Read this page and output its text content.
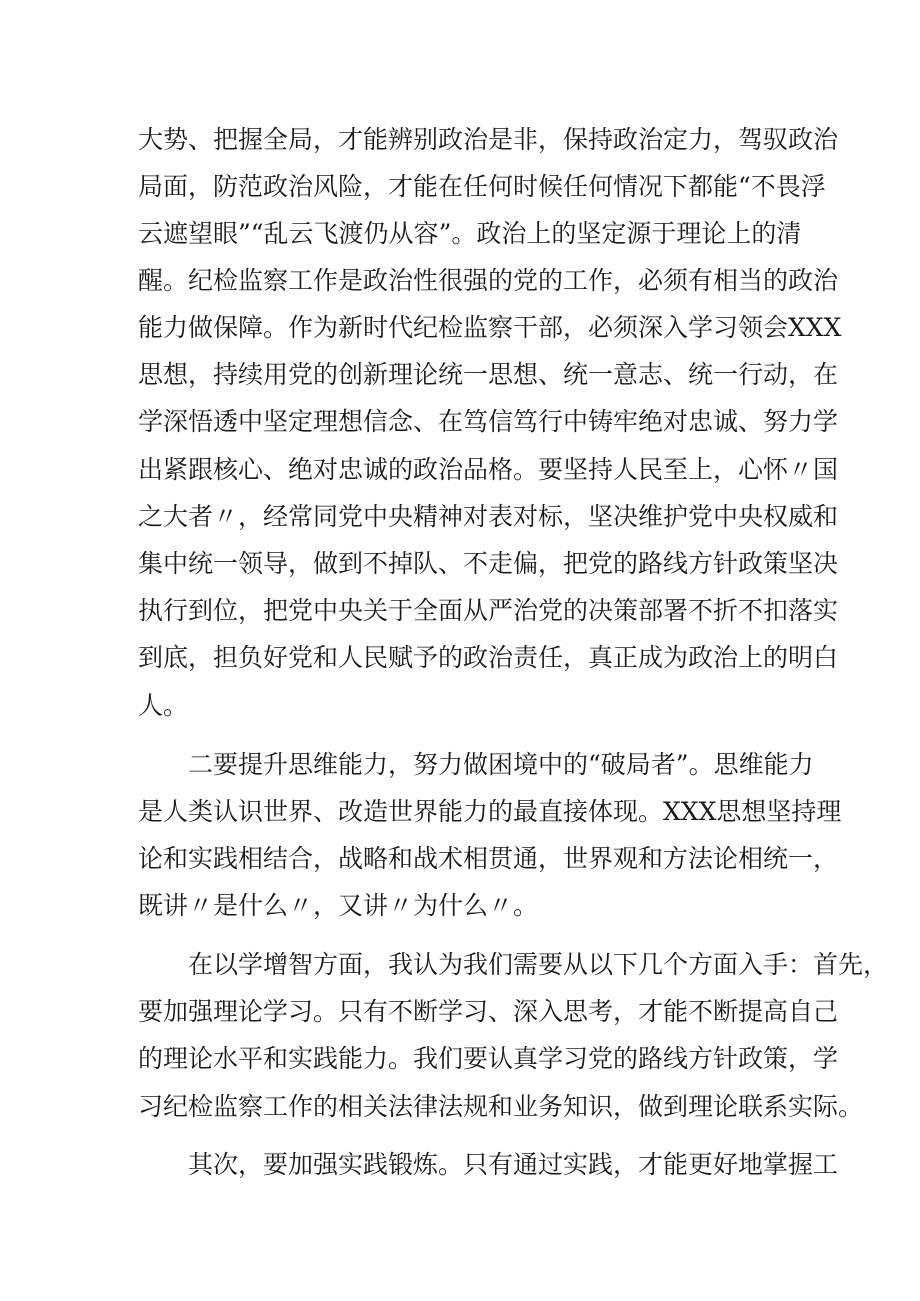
大势、把握全局，才能辨别政治是非，保持政治定力，驾驭政治
局面，防范政治风险，才能在任何时候任何情况下都能“不畏浮
云遮望眼”“乱云飞渡仍从容”。政治上的坚定源于理论上的清
醒。纪检监察工作是政治性很强的党的工作，必须有相当的政治
能力做保障。作为新时代纪检监察干部，必须深入学习领会XXX
思想，持续用党的创新理论统一思想、统一意志、统一行动，在
学深悟透中坚定理想信念、在笃信笃行中铸牢绝对忠诚、努力学
出紧跟核心、绝对忠诚的政治品格。要坚持人民至上，心怀〃国
之大者〃，经常同党中央精神对表对标，坚决维护党中央权威和
集中统一领导，做到不掉队、不走偏，把党的路线方针政策坚决
执行到位，把党中央关于全面从严治党的决策部署不折不扣落实
到底，担负好党和人民赋予的政治责任，真正成为政治上的明白
人。
二要提升思维能力，努力做困境中的“破局者”。思维能力
是人类认识世界、改造世界能力的最直接体现。XXX思想坚持理
论和实践相结合，战略和战术相贯通，世界观和方法论相统一，
既讲〃是什么〃，又讲〃为什么〃。
在以学增智方面，我认为我们需要从以下几个方面入手：首先，
要加强理论学习。只有不断学习、深入思考，才能不断提高自己
的理论水平和实践能力。我们要认真学习党的路线方针政策，学
习纪检监察工作的相关法律法规和业务知识，做到理论联系实际。
其次，要加强实践锻炼。只有通过实践，才能更好地掌握工
